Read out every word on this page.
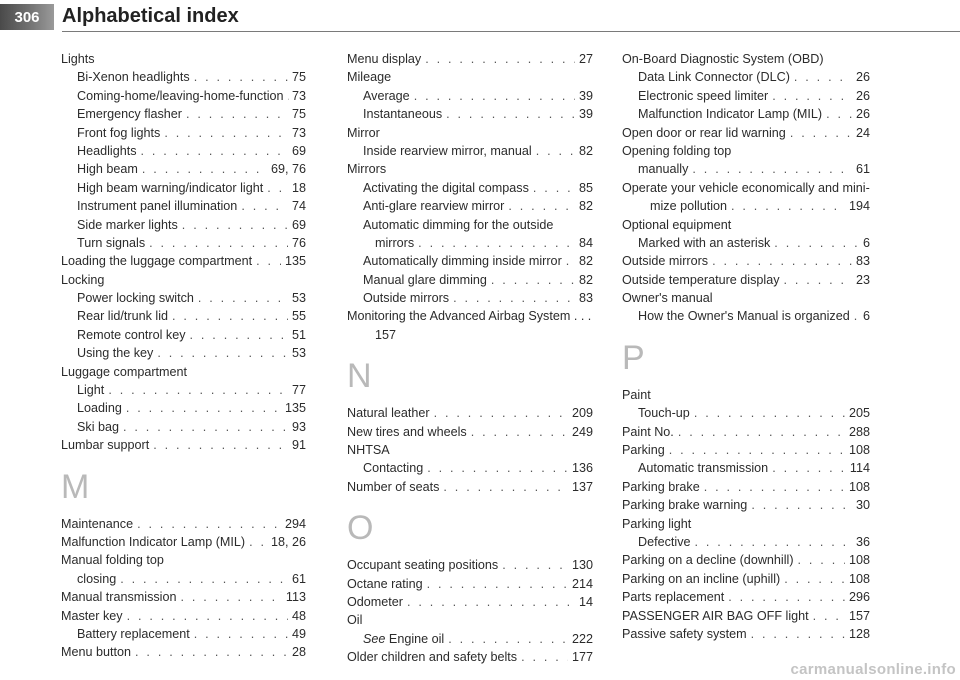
306	Alphabetical index
Lights
Bi-Xenon headlights . . .	75
Coming-home/leaving-home-function . . . 73
Emergency flasher . . .	75
Front fog lights . . .	73
Headlights . . .	69
High beam . . .	69, 76
High beam warning/indicator light . . . 18
Instrument panel illumination . . .	74
Side marker lights . . .	69
Turn signals . . .	76
Loading the luggage compartment . . .	135
Locking
Power locking switch . . .	53
Rear lid/trunk lid . . .	55
Remote control key . . .	51
Using the key . . .	53
Luggage compartment
Light . . .	77
Loading . . .	135
Ski bag . . .	93
Lumbar support . . .	91
M
Maintenance . . .	294
Malfunction Indicator Lamp (MIL) . . . 18, 26
Manual folding top
closing . . .	61
Manual transmission . . .	113
Master key . . .	48
Battery replacement . . .	49
Menu button . . .	28
Menu display . . .	27
Mileage
Average . . .	39
Instantaneous . . .	39
Mirror
Inside rearview mirror, manual . . .	82
Mirrors
Activating the digital compass . . .	85
Anti-glare rearview mirror . . .	82
Automatic dimming for the outside
mirrors . . .	84
Automatically dimming inside mirror . . . 82
Manual glare dimming . . .	82
Outside mirrors . . .	83
Monitoring the Advanced Airbag System . . .
157
N
Natural leather . . .	209
New tires and wheels . . .	249
NHTSA
Contacting . . .	136
Number of seats . . .	137
O
Occupant seating positions . . .	130
Octane rating . . .	214
Odometer . . .	14
Oil
See Engine oil . . .	222
Older children and safety belts . . .	177
On-Board Diagnostic System (OBD)
Data Link Connector (DLC) . . .	26
Electronic speed limiter . . .	26
Malfunction Indicator Lamp (MIL) . . .	26
Open door or rear lid warning . . .	24
Opening folding top
manually . . .	61
Operate your vehicle economically and mini-
mize pollution . . .	194
Optional equipment
Marked with an asterisk . . .	6
Outside mirrors . . .	83
Outside temperature display . . .	23
Owner's manual
How the Owner's Manual is organized . . . 6
P
Paint
Touch-up . . .	205
Paint No. . . .	288
Parking . . .	108
Automatic transmission . . .	114
Parking brake . . .	108
Parking brake warning . . .	30
Parking light
Defective . . .	36
Parking on a decline (downhill) . . .	108
Parking on an incline (uphill) . . .	108
Parts replacement . . .	296
PASSENGER AIR BAG OFF light . . .	157
Passive safety system . . .	128
carmanualsonline.info
